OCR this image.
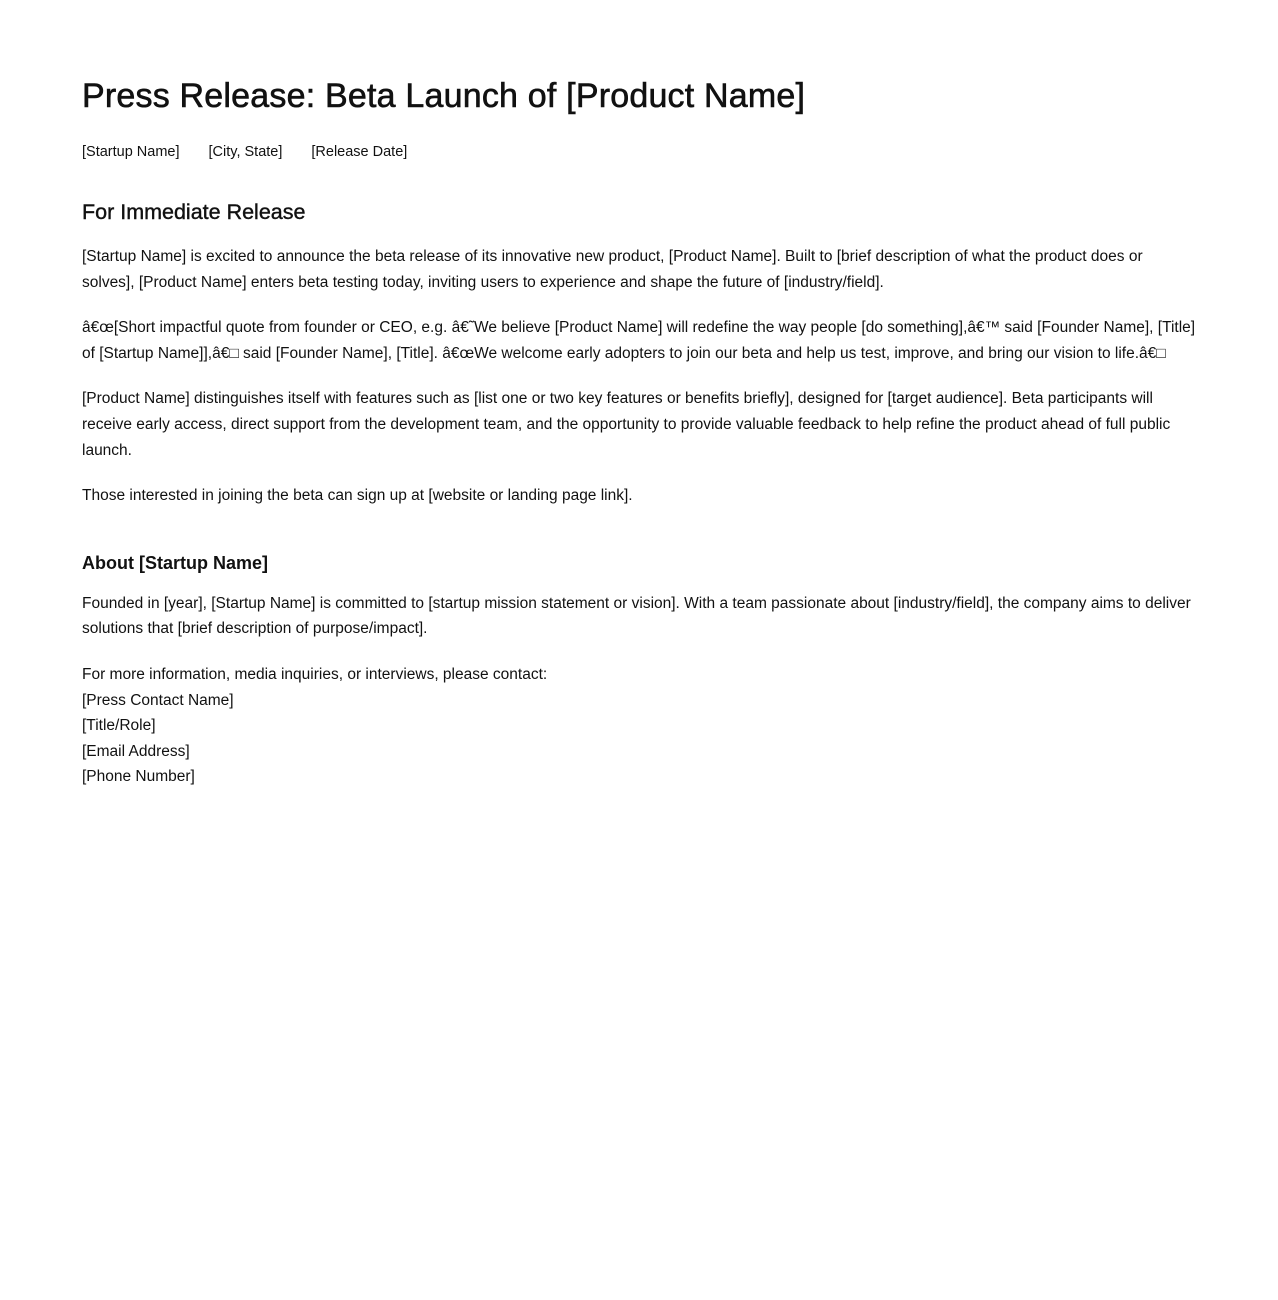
Press Release: Beta Launch of [Product Name]
[Startup Name] [City, State] [Release Date]
For Immediate Release

[Startup Name] is excited to announce the beta release of its innovative new product, [Product Name]. Built to [brief description of what the product does or solves], [Product Name] enters beta testing today, inviting users to experience and shape the future of [industry/field].

â€œ[Short impactful quote from founder or CEO, e.g. â€˜We believe [Product Name] will redefine the way people [do something],â€™ said [Founder Name], [Title] of [Startup Name]],â€□ said [Founder Name], [Title]. â€œWe welcome early adopters to join our beta and help us test, improve, and bring our vision to life.â€□

[Product Name] distinguishes itself with features such as [list one or two key features or benefits briefly], designed for [target audience]. Beta participants will receive early access, direct support from the development team, and the opportunity to provide valuable feedback to help refine the product ahead of full public launch.

Those interested in joining the beta can sign up at [website or landing page link].

About [Startup Name]

Founded in [year], [Startup Name] is committed to [startup mission statement or vision]. With a team passionate about [industry/field], the company aims to deliver solutions that [brief description of purpose/impact].

For more information, media inquiries, or interviews, please contact:
[Press Contact Name]
[Title/Role]
[Email Address]
[Phone Number]
